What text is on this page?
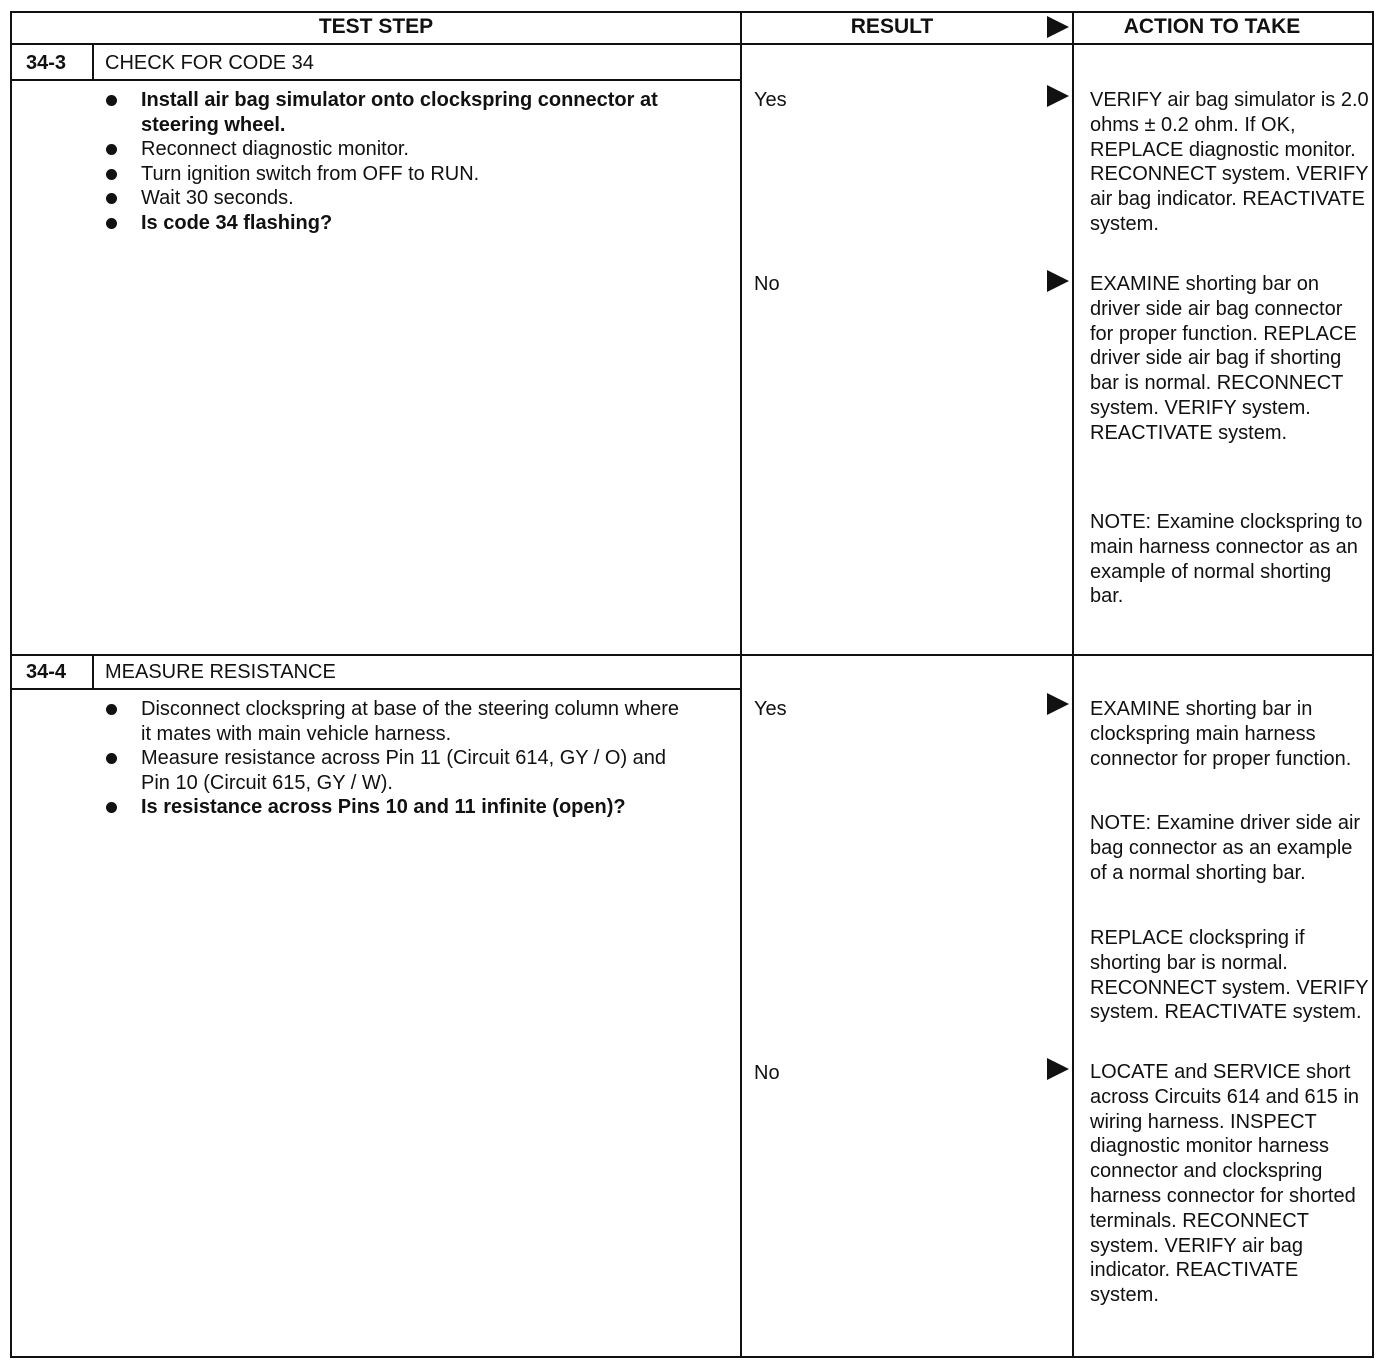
TEST STEP	RESULT	ACTION TO TAKE
34-3 CHECK FOR CODE 34
Install air bag simulator onto clockspring connector at steering wheel.
Reconnect diagnostic monitor.
Turn ignition switch from OFF to RUN.
Wait 30 seconds.
Is code 34 flashing?
Yes	VERIFY air bag simulator is 2.0 ohms ± 0.2 ohm. If OK, REPLACE diagnostic monitor. RECONNECT system. VERIFY air bag indicator. REACTIVATE system.
No	EXAMINE shorting bar on driver side air bag connector for proper function. REPLACE driver side air bag if shorting bar is normal. RECONNECT system. VERIFY system. REACTIVATE system.
NOTE: Examine clockspring to main harness connector as an example of normal shorting bar.
34-4 MEASURE RESISTANCE
Disconnect clockspring at base of the steering column where it mates with main vehicle harness.
Measure resistance across Pin 11 (Circuit 614, GY / O) and Pin 10 (Circuit 615, GY / W).
Is resistance across Pins 10 and 11 infinite (open)?
Yes	EXAMINE shorting bar in clockspring main harness connector for proper function.
NOTE: Examine driver side air bag connector as an example of a normal shorting bar.
REPLACE clockspring if shorting bar is normal. RECONNECT system. VERIFY system. REACTIVATE system.
No	LOCATE and SERVICE short across Circuits 614 and 615 in wiring harness. INSPECT diagnostic monitor harness connector and clockspring harness connector for shorted terminals. RECONNECT system. VERIFY air bag indicator. REACTIVATE system.
